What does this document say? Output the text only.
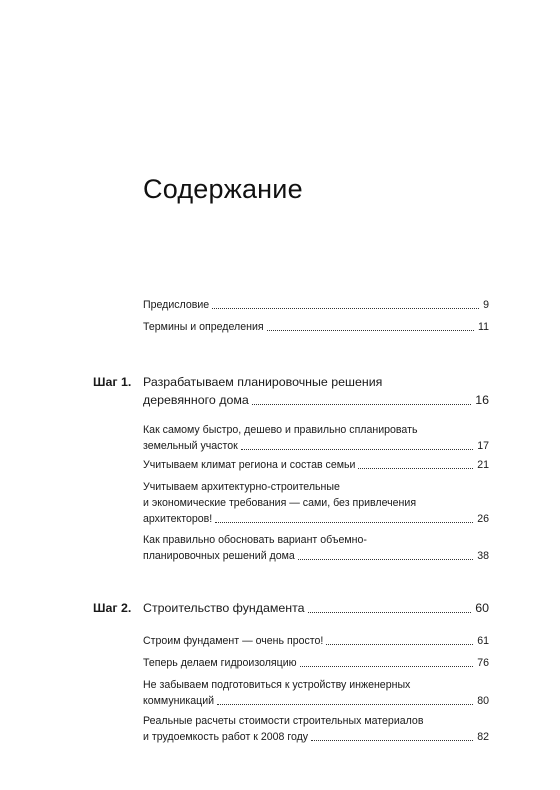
Содержание
Предисловие	9
Термины и определения	11
Шаг 1. Разрабатываем планировочные решения
деревянного дома	16
Как самому быстро, дешево и правильно спланировать
земельный участок	17
Учитываем климат региона и состав семьи	21
Учитываем архитектурно-строительные
и экономические требования — сами, без привлечения
архитекторов!	26
Как правильно обосновать вариант объемно-
планировочных решений дома	38
Шаг 2. Строительство фундамента	60
Строим фундамент — очень просто!	61
Теперь делаем гидроизоляцию	76
Не забываем подготовиться к устройству инженерных
коммуникаций	80
Реальные расчеты стоимости строительных материалов
и трудоемкость работ к 2008 году	82
